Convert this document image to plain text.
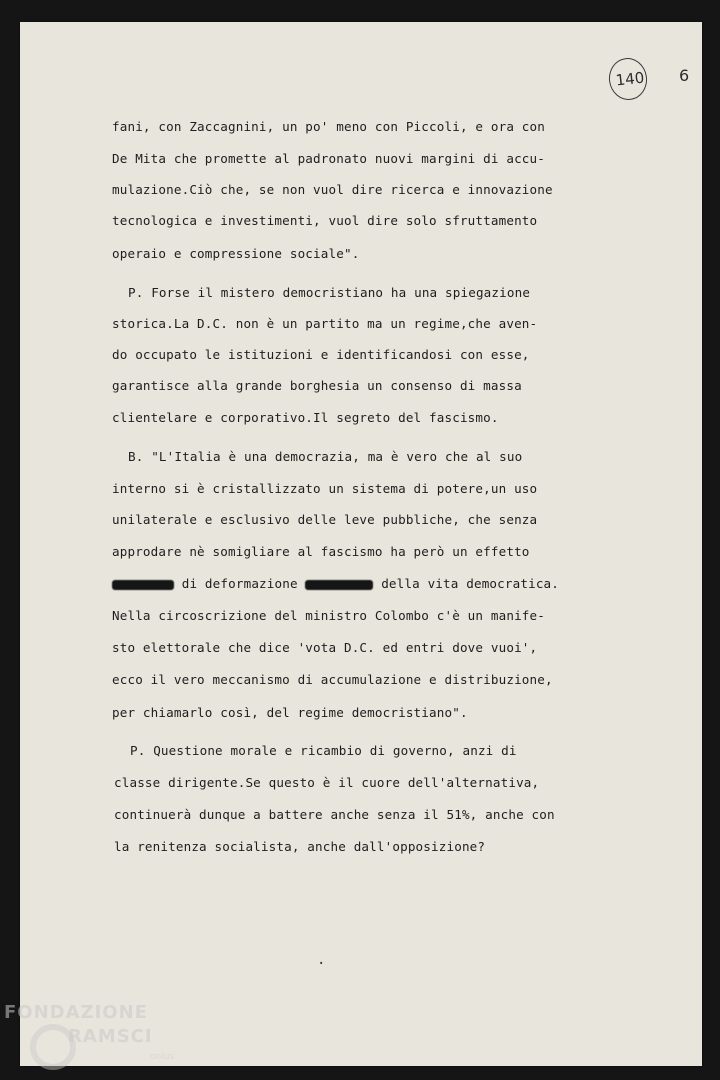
140 6

fani, con Zaccagnini, un po' meno con Piccoli, e ora con

De Mita che promette al padronato nuovi margini di accu-

mulazione.Ciò che, se non vuol dire ricerca e innovazione

tecnologica e investimenti, vuol dire solo sfruttamento

operaio e compressione sociale".

P. Forse il mistero democristiano ha una spiegazione

storica.La D.C. non è un partito ma un regime,che aven-

do occupato le istituzioni e identificandosi con esse,

garantisce alla grande borghesia un consenso di massa

clientelare e corporativo.Il segreto del fascismo.

B. "L'Italia è una democrazia, ma è vero che al suo

interno si è cristallizzato un sistema di potere,un uso

unilaterale e esclusivo delle leve pubbliche, che senza

approdare nè somigliare al fascismo ha però un effetto

di deformazione	della vita democratica.

Nella circoscrizione del ministro Colombo c'è un manife-

sto elettorale che dice 'vota D.C. ed entri dove vuoi',

ecco il vero meccanismo di accumulazione e distribuzione,

per chiamarlo così, del regime democristiano".

P. Questione morale e ricambio di governo, anzi di

classe dirigente.Se questo è il cuore dell'alternativa,

continuerà dunque a battere anche senza il 51%, anche con

la renitenza socialista, anche dall'opposizione?

.
FONDAZIONE
RAMSCI
onlus
